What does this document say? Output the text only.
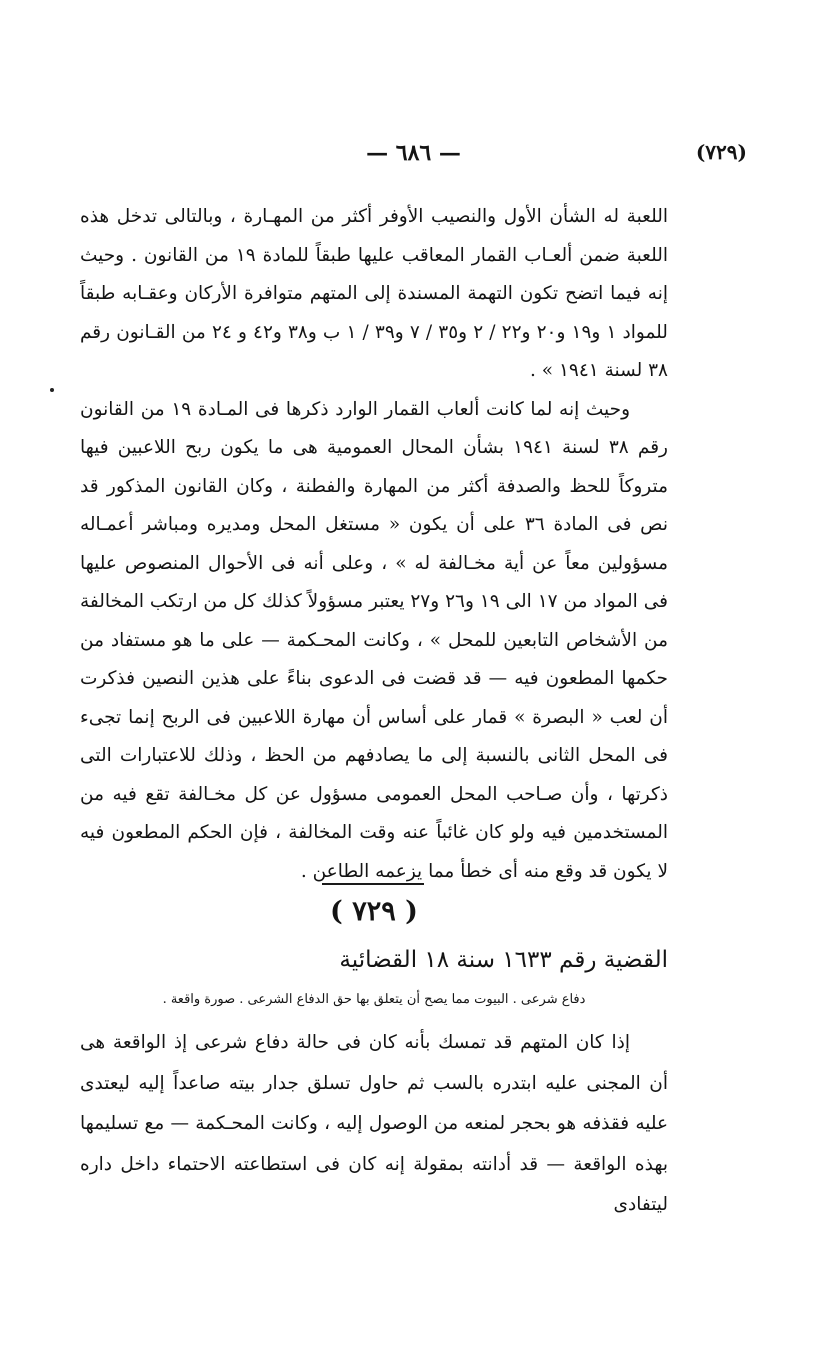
— ٦٨٦ —	(٧٢٩)

اللعبة له الشأن الأول والنصيب الأوفر أكثر من المهـارة ، وبالتالى تدخل هذه اللعبة ضمن ألعـاب القمار المعاقب عليها طبقاً للمادة ١٩ من القانون . وحيث إنه فيما اتضح تكون التهمة المسندة إلى المتهم متوافرة الأركان وعقـابه طبقاً للمواد ١ و١٩ و٢٠ و٢٢ / ٢ و٣٥ / ٧ و٣٩ / ١ ب و٣٨ و٤٢ و ٢٤ من القـانون رقم ٣٨ لسنة ١٩٤١ » .

وحيث إنه لما كانت ألعاب القمار الوارد ذكرها فى المـادة ١٩ من القانون رقم ٣٨ لسنة ١٩٤١ بشأن المحال العمومية هى ما يكون ربح اللاعبين فيها متروكاً للحظ والصدفة أكثر من المهارة والفطنة ، وكان القانون المذكور قد نص فى المادة ٣٦ على أن يكون « مستغل المحل ومديره ومباشر أعمـاله مسؤولين معاً عن أية مخـالفة له » ، وعلى أنه فى الأحوال المنصوص عليها فى المواد من ١٧ الى ١٩ و٢٦ و٢٧ يعتبر مسؤولاً كذلك كل من ارتكب المخالفة من الأشخاص التابعين للمحل » ، وكانت المحـكمة — على ما هو مستفاد من حكمها المطعون فيه — قد قضت فى الدعوى بناءً على هذين النصين فذكرت أن لعب « البصرة » قمار على أساس أن مهارة اللاعبين فى الربح إنما تجىء فى المحل الثانى بالنسبة إلى ما يصادفهم من الحظ ، وذلك للاعتبارات التى ذكرتها ، وأن صـاحب المحل العمومى مسؤول عن كل مخـالفة تقع فيه من المستخدمين فيه ولو كان غائباً عنه وقت المخالفة ، فإن الحكم المطعون فيه لا يكون قد وقع منه أى خطأ مما يزعمه الطاعن .

( ٧٢٩ )
القضية رقم ١٦٣٣ سنة ١٨ القضائية
دفاع شرعى . البيوت مما يصح أن يتعلق بها حق الدفاع الشرعى . صورة واقعة .

إذا كان المتهم قد تمسك بأنه كان فى حالة دفاع شرعى إذ الواقعة هى أن المجنى عليه ابتدره بالسب ثم حاول تسلق جدار بيته صاعداً إليه ليعتدى عليه فقذفه هو بحجر لمنعه من الوصول إليه ، وكانت المحـكمة — مع تسليمها بهذه الواقعة — قد أدانته بمقولة إنه كان فى استطاعته الاحتماء داخل داره ليتفادى
